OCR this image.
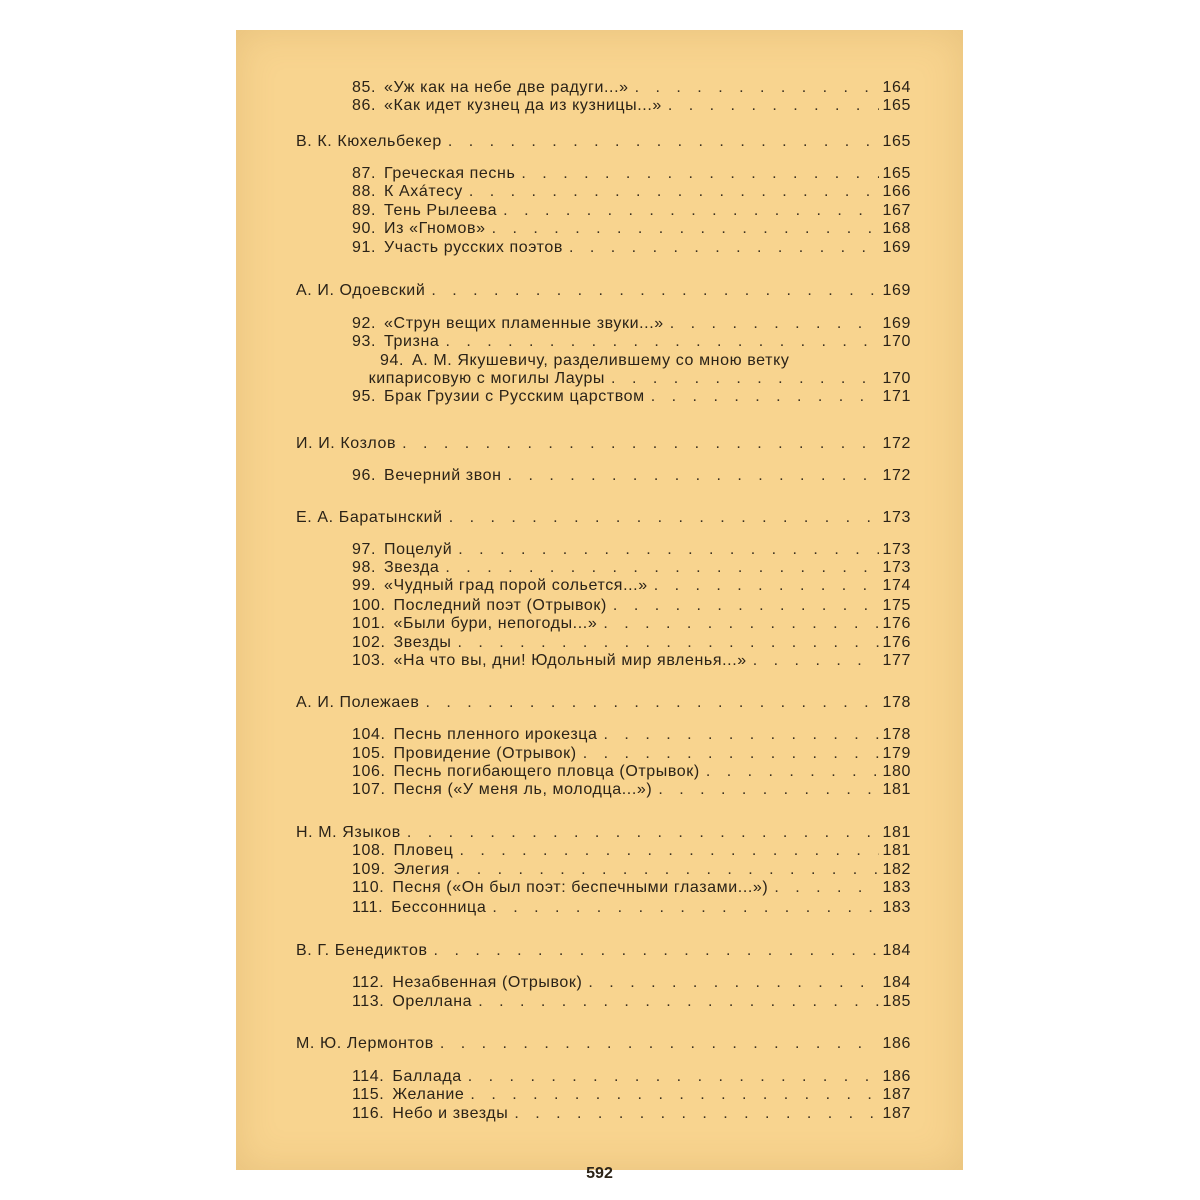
85. «Уж как на небе две радуги...» . . .	164
86. «Как идет кузнец да из кузницы...» . . .	165
В. К. Кюхельбекер . . .	165
87. Греческая песнь . . .	165
88. К Ахáтесу . . .	166
89. Тень Рылеева . . .	167
90. Из «Гномов» . . .	168
91. Участь русских поэтов . . .	169
А. И. Одоевский . . .	169
92. «Струн вещих пламенные звуки...» . . .	169
93. Тризна . . .	170
94. А. М. Якушевичу, разделившему со мною ветку
кипарисовую с могилы Лауры . . .	170
95. Брак Грузии с Русским царством . . .	171
И. И. Козлов . . .	172
96. Вечерний звон . . .	172
Е. А. Баратынский . . .	173
97. Поцелуй . . .	173
98. Звезда . . .	173
99. «Чудный град порой сольется...» . . .	174
100. Последний поэт (Отрывок) . . .	175
101. «Были бури, непогоды...» . . .	176
102. Звезды . . .	176
103. «На что вы, дни! Юдольный мир явленья...» . . .	177
А. И. Полежаев . . .	178
104. Песнь пленного ирокезца . . .	178
105. Провидение (Отрывок) . . .	179
106. Песнь погибающего пловца (Отрывок) . . .	180
107. Песня («У меня ль, молодца...») . . .	181
Н. М. Языков . . .	181
108. Пловец . . .	181
109. Элегия . . .	182
110. Песня («Он был поэт: беспечными глазами...») . . .	183
111. Бессонница . . .	183
В. Г. Бенедиктов . . .	184
112. Незабвенная (Отрывок) . . .	184
113. Ореллана . . .	185
М. Ю. Лермонтов . . .	186
114. Баллада . . .	186
115. Желание . . .	187
116. Небо и звезды . . .	187
592
